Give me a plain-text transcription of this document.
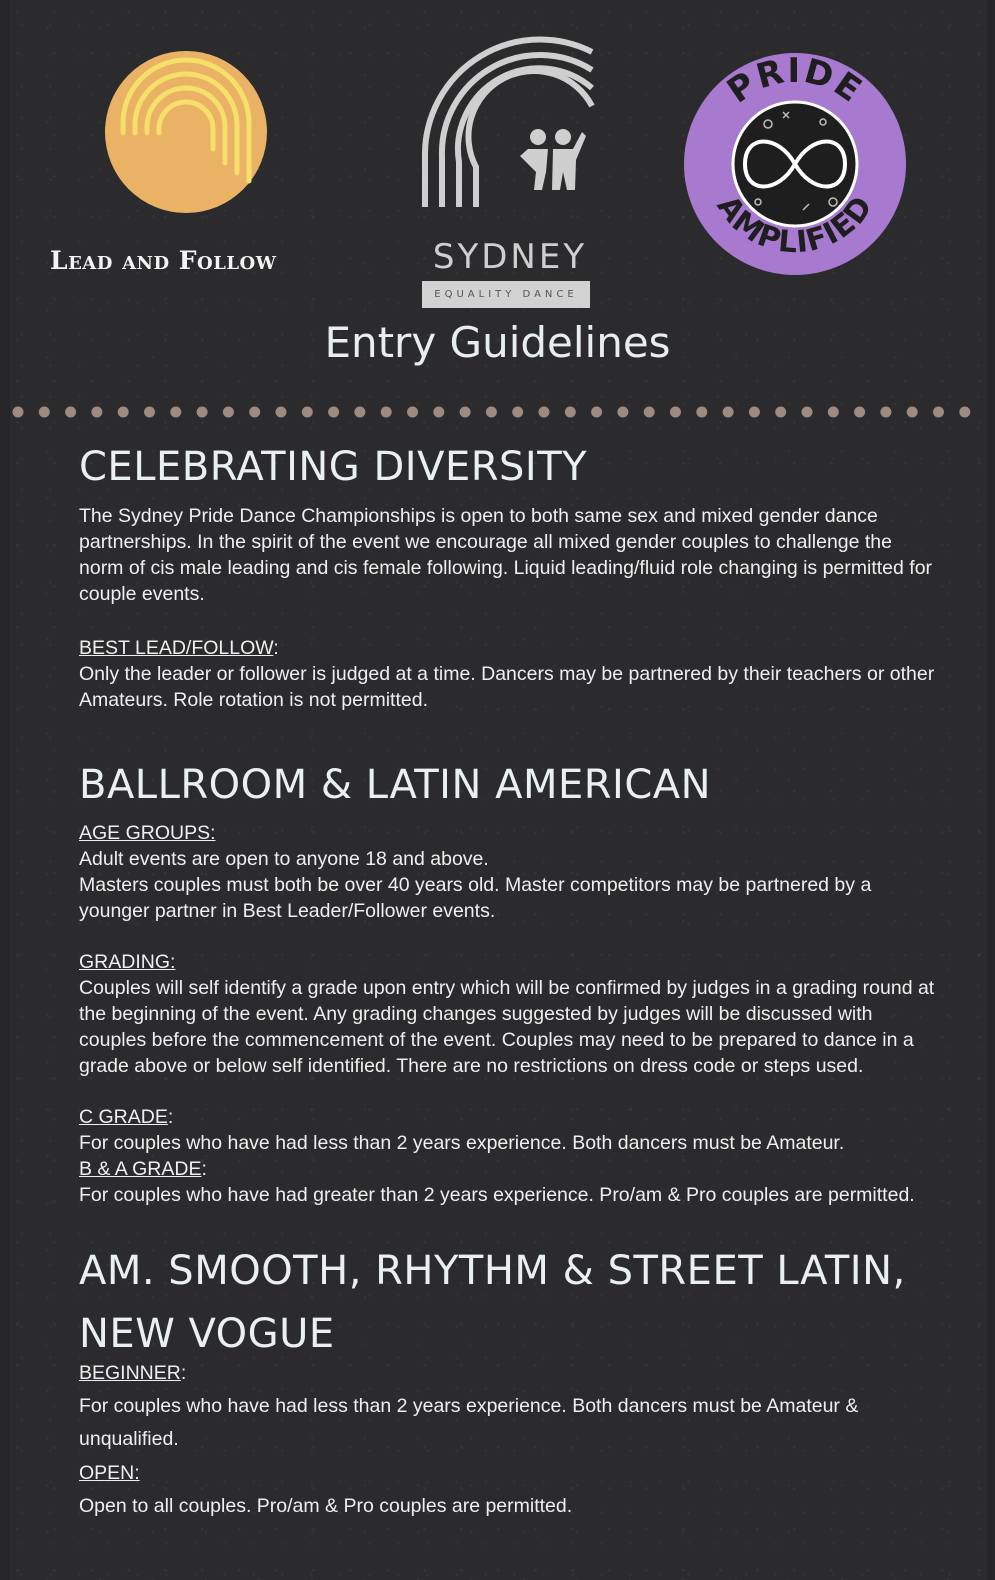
Lead and Follow	SYDNEY
EQUALITY DANCE
PRIDE
AMPLIFIED
Entry Guidelines
CELEBRATING DIVERSITY

The Sydney Pride Dance Championships is open to both same sex and mixed gender dance partnerships. In the spirit of the event we encourage all mixed gender couples to challenge the norm of cis male leading and cis female following. Liquid leading/fluid role changing is permitted for couple events.

BEST LEAD/FOLLOW:

Only the leader or follower is judged at a time. Dancers may be partnered by their teachers or other Amateurs. Role rotation is not permitted.

BALLROOM & LATIN AMERICAN

AGE GROUPS:

Adult events are open to anyone 18 and above.

Masters couples must both be over 40 years old. Master competitors may be partnered by a younger partner in Best Leader/Follower events.

GRADING:

Couples will self identify a grade upon entry which will be confirmed by judges in a grading round at the beginning of the event. Any grading changes suggested by judges will be discussed with couples before the commencement of the event. Couples may need to be prepared to dance in a grade above or below self identified. There are no restrictions on dress code or steps used.

C GRADE:

For couples who have had less than 2 years experience. Both dancers must be Amateur.

B & A GRADE:

For couples who have had greater than 2 years experience. Pro/am & Pro couples are permitted.

AM. SMOOTH, RHYTHM & STREET LATIN, NEW VOGUE

BEGINNER:

For couples who have had less than 2 years experience. Both dancers must be Amateur & unqualified.

OPEN:

Open to all couples. Pro/am & Pro couples are permitted.
